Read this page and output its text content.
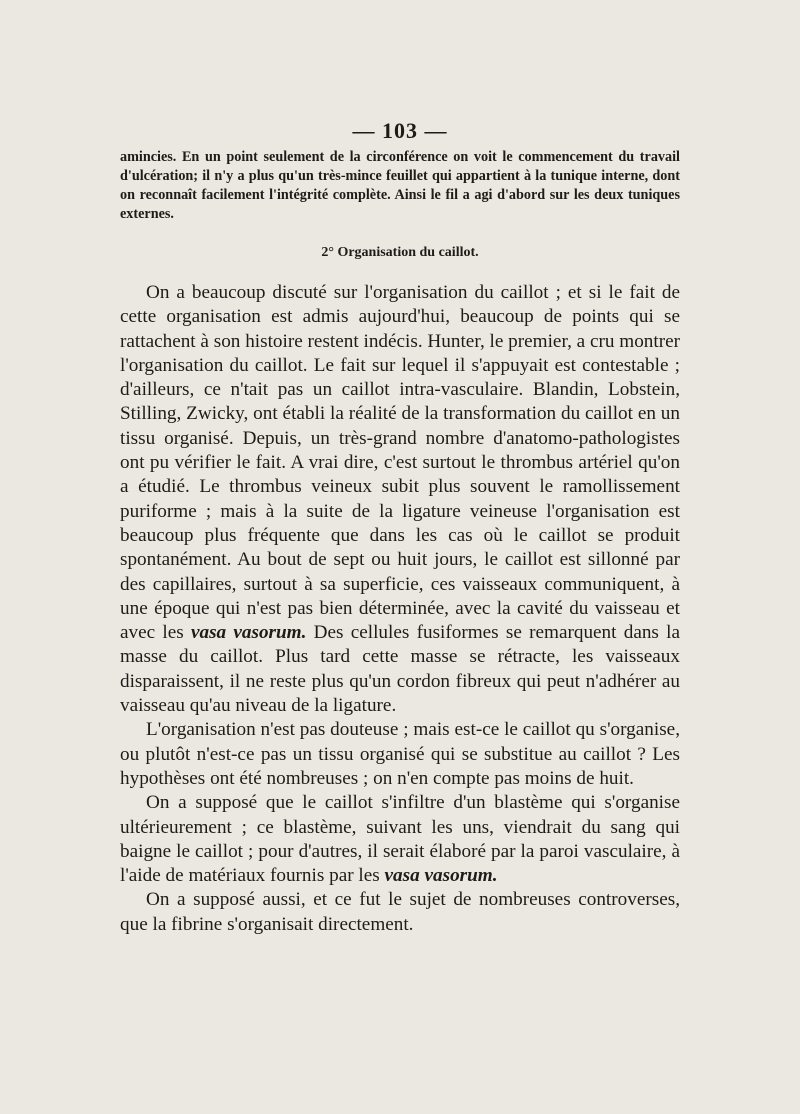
— 103 —

amincies. En un point seulement de la circonférence on voit le commencement du travail d'ulcération; il n'y a plus qu'un très-mince feuillet qui appartient à la tunique interne, dont on reconnaît facilement l'intégrité complète. Ainsi le fil a agi d'abord sur les deux tuniques externes.

2° Organisation du caillot.

On a beaucoup discuté sur l'organisation du caillot ; et si le fait de cette organisation est admis aujourd'hui, beaucoup de points qui se rattachent à son histoire restent indécis. Hunter, le premier, a cru montrer l'organisation du caillot. Le fait sur lequel il s'appuyait est contestable ; d'ailleurs, ce n'tait pas un caillot intra-vasculaire. Blandin, Lobstein, Stilling, Zwicky, ont établi la réalité de la transformation du caillot en un tissu organisé. Depuis, un très-grand nombre d'anatomo-pathologistes ont pu vérifier le fait. A vrai dire, c'est surtout le thrombus artériel qu'on a étudié. Le thrombus veineux subit plus souvent le ramollissement puriforme ; mais à la suite de la ligature veineuse l'organisation est beaucoup plus fréquente que dans les cas où le caillot se produit spontanément. Au bout de sept ou huit jours, le caillot est sillonné par des capillaires, surtout à sa superficie, ces vaisseaux communiquent, à une époque qui n'est pas bien déterminée, avec la cavité du vaisseau et avec les vasa vasorum. Des cellules fusiformes se remarquent dans la masse du caillot. Plus tard cette masse se rétracte, les vaisseaux disparaissent, il ne reste plus qu'un cordon fibreux qui peut n'adhérer au vaisseau qu'au niveau de la ligature.

L'organisation n'est pas douteuse ; mais est-ce le caillot qu s'organise, ou plutôt n'est-ce pas un tissu organisé qui se substitue au caillot ? Les hypothèses ont été nombreuses ; on n'en compte pas moins de huit.

On a supposé que le caillot s'infiltre d'un blastème qui s'organise ultérieurement ; ce blastème, suivant les uns, viendrait du sang qui baigne le caillot ; pour d'autres, il serait élaboré par la paroi vasculaire, à l'aide de matériaux fournis par les vasa vasorum.

On a supposé aussi, et ce fut le sujet de nombreuses controverses, que la fibrine s'organisait directement.
